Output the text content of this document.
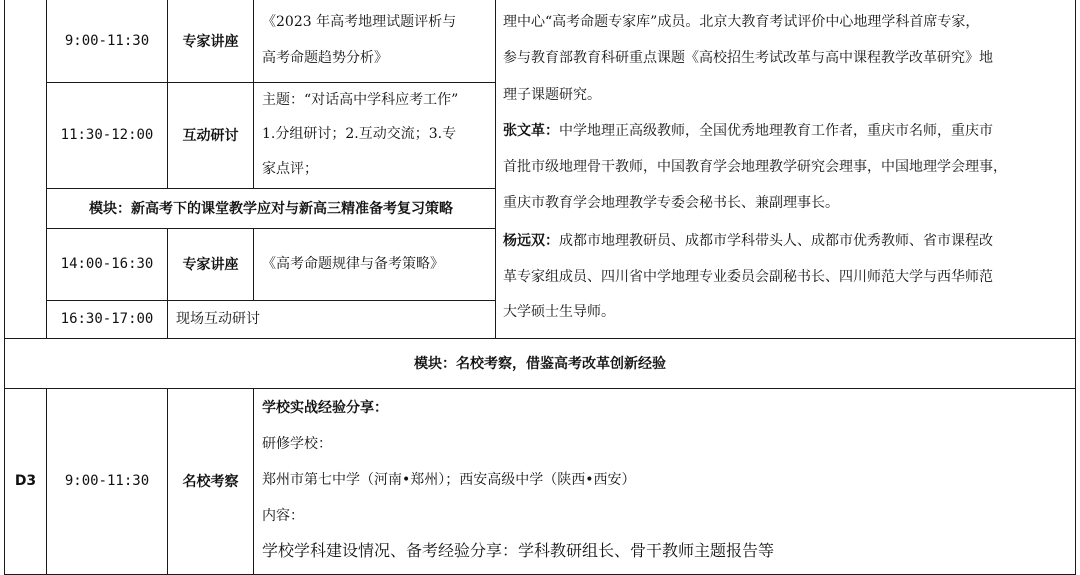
9:00-11:30	专家讲座
《2023 年高考地理试题评析与
高考命题趋势分析》
11:30-12:00	互动研讨
主题：“对话高中学科应考工作”
1.分组研讨；2.互动交流；3.专
家点评；
模块：新高考下的课堂教学应对与新高三精准备考复习策略
14:00-16:30	专家讲座	《高考命题规律与备考策略》
16:30-17:00	现场互动研讨
理中心“高考命题专家库”成员。北京大教育考试评价中心地理学科首席专家，
参与教育部教育科研重点课题《高校招生考试改革与高中课程教学改革研究》地
理子课题研究。
张文革：中学地理正高级教师，全国优秀地理教育工作者，重庆市名师，重庆市
首批市级地理骨干教师，中国教育学会地理教学研究会理事，中国地理学会理事，
重庆市教育学会地理教学专委会秘书长、兼副理事长。
杨远双：成都市地理教研员、成都市学科带头人、成都市优秀教师、省市课程改
革专家组成员、四川省中学地理专业委员会副秘书长、四川师范大学与西华师范
大学硕士生导师。
模块：名校考察，借鉴高考改革创新经验
D3	9:00-11:30	名校考察
学校实战经验分享：
研修学校：
郑州市第七中学（河南•郑州）；西安高级中学（陕西•西安）
内容：
学校学科建设情况、备考经验分享：学科教研组长、骨干教师主题报告等
